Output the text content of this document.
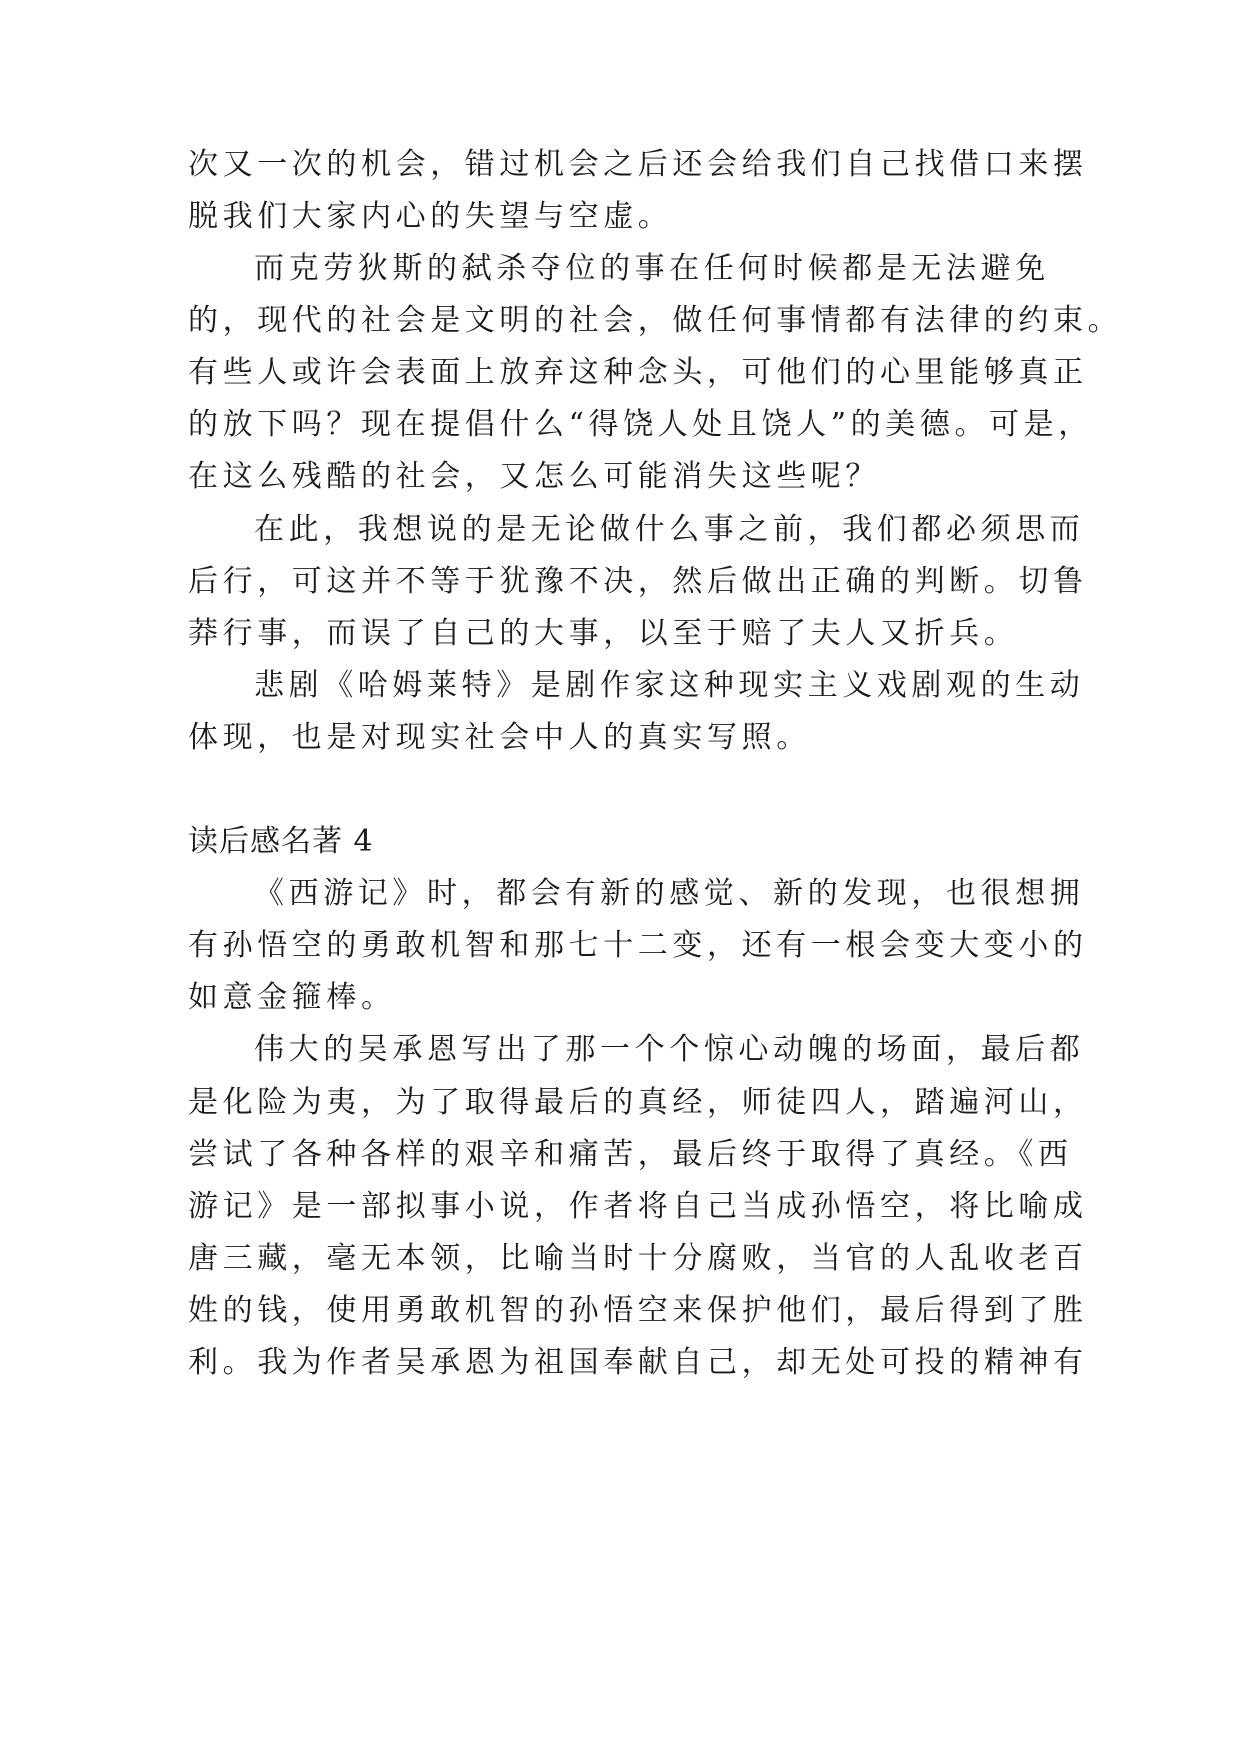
次又一次的机会，错过机会之后还会给我们自己找借口来摆
脱我们大家内心的失望与空虚。
而克劳狄斯的弑杀夺位的事在任何时候都是无法避免
的，现代的社会是文明的社会，做任何事情都有法律的约束。
有些人或许会表面上放弃这种念头，可他们的心里能够真正
的放下吗？现在提倡什么“得饶人处且饶人”的美德。可是，
在这么残酷的社会，又怎么可能消失这些呢？
在此，我想说的是无论做什么事之前，我们都必须思而
后行，可这并不等于犹豫不决，然后做出正确的判断。切鲁
莽行事，而误了自己的大事，以至于赔了夫人又折兵。
悲剧《哈姆莱特》是剧作家这种现实主义戏剧观的生动
体现，也是对现实社会中人的真实写照。
读后感名著 4
《西游记》时，都会有新的感觉、新的发现，也很想拥
有孙悟空的勇敢机智和那七十二变，还有一根会变大变小的
如意金箍棒。
伟大的吴承恩写出了那一个个惊心动魄的场面，最后都
是化险为夷，为了取得最后的真经，师徒四人，踏遍河山，
尝试了各种各样的艰辛和痛苦，最后终于取得了真经。《西
游记》是一部拟事小说，作者将自己当成孙悟空，将比喻成
唐三藏，毫无本领，比喻当时十分腐败，当官的人乱收老百
姓的钱，使用勇敢机智的孙悟空来保护他们，最后得到了胜
利。我为作者吴承恩为祖国奉献自己，却无处可投的精神有
